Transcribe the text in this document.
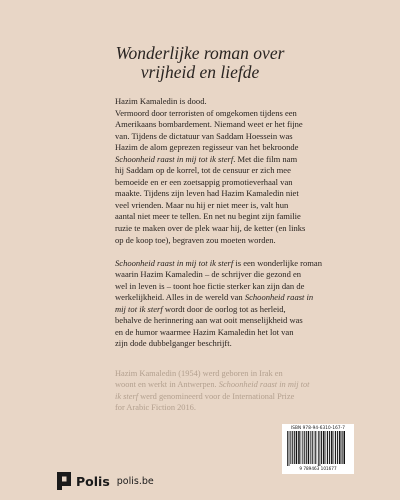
Wonderlijke roman over
vrijheid en liefde
Hazim Kamaledin is dood.
Vermoord door terroristen of omgekomen tijdens een
Amerikaans bombardement. Niemand weet er het fijne
van. Tijdens de dictatuur van Saddam Hoessein was
Hazim de alom geprezen regisseur van het bekroonde
Schoonheid raast in mij tot ik sterf. Met die film nam
hij Saddam op de korrel, tot de censuur er zich mee
bemoeide en er een zoetsappig promotieverhaal van
maakte. Tijdens zijn leven had Hazim Kamaledin niet
veel vrienden. Maar nu hij er niet meer is, valt hun
aantal niet meer te tellen. En net nu begint zijn familie
ruzie te maken over de plek waar hij, de ketter (en links
op de koop toe), begraven zou moeten worden.
Schoonheid raast in mij tot ik sterf is een wonderlijke roman
waarin Hazim Kamaledin – de schrijver die gezond en
wel in leven is – toont hoe fictie sterker kan zijn dan de
werkelijkheid. Alles in de wereld van Schoonheid raast in
mij tot ik sterf wordt door de oorlog tot as herleid,
behalve de herinnering aan wat ooit menselijkheid was
en de humor waarmee Hazim Kamaledin het lot van
zijn dode dubbelganger beschrijft.
Hazim Kamaledin (1954) werd geboren in Irak en
woont en werkt in Antwerpen. Schoonheid raast in mij tot
ik sterf werd genomineerd voor de International Prize
for Arabic Fiction 2016.
ISBN 978-94-6310-167-7
9 789463 101677
Polis polis.be
